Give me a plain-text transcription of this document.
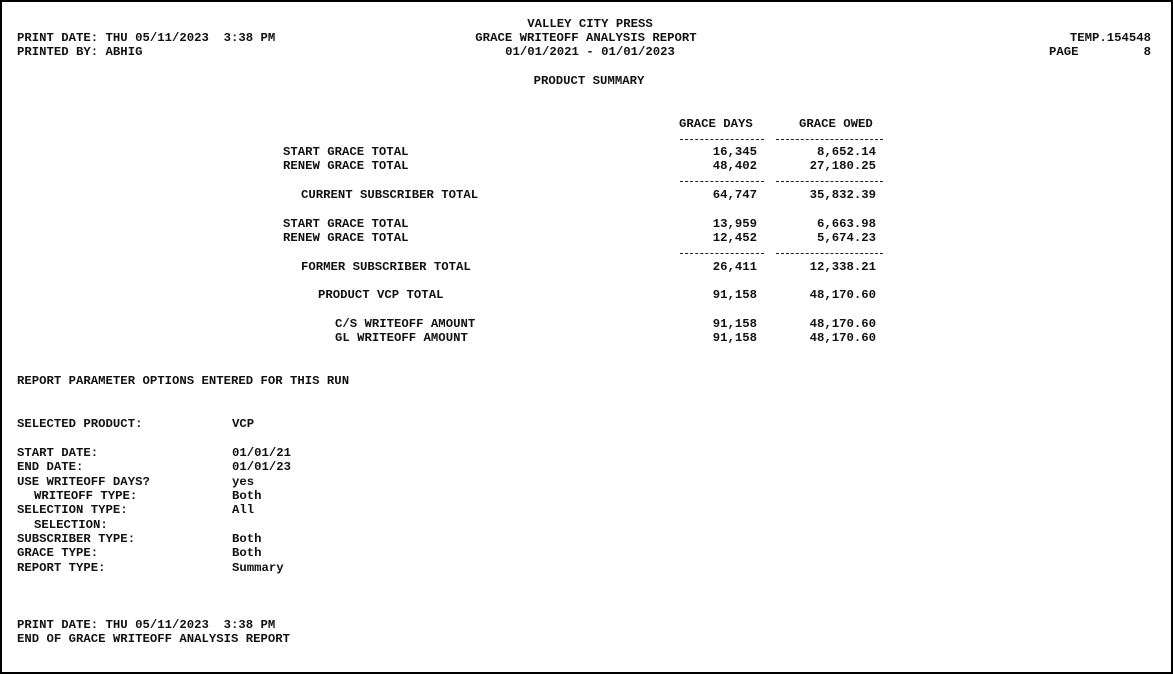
VALLEY CITY PRESS
GRACE WRITEOFF ANALYSIS REPORT
01/01/2021 - 01/01/2023
PRINT DATE: THU 05/11/2023  3:38 PM
PRINTED BY: ABHIG
TEMP.154548
PAGE	8
PRODUCT SUMMARY
GRACE DAYS	GRACE OWED
START GRACE TOTAL	16,345	8,652.14
RENEW GRACE TOTAL	48,402	27,180.25
CURRENT SUBSCRIBER TOTAL	64,747	35,832.39
START GRACE TOTAL	13,959	6,663.98
RENEW GRACE TOTAL	12,452	5,674.23
FORMER SUBSCRIBER TOTAL	26,411	12,338.21
PRODUCT VCP TOTAL	91,158	48,170.60
C/S WRITEOFF AMOUNT	91,158	48,170.60
GL WRITEOFF AMOUNT	91,158	48,170.60
REPORT PARAMETER OPTIONS ENTERED FOR THIS RUN
SELECTED PRODUCT:	VCP
START DATE:	01/01/21
END DATE:	01/01/23
USE WRITEOFF DAYS?	yes
WRITEOFF TYPE:	Both
SELECTION TYPE:	All
SELECTION:
SUBSCRIBER TYPE:	Both
GRACE TYPE:	Both
REPORT TYPE:	Summary
PRINT DATE: THU 05/11/2023  3:38 PM
END OF GRACE WRITEOFF ANALYSIS REPORT
